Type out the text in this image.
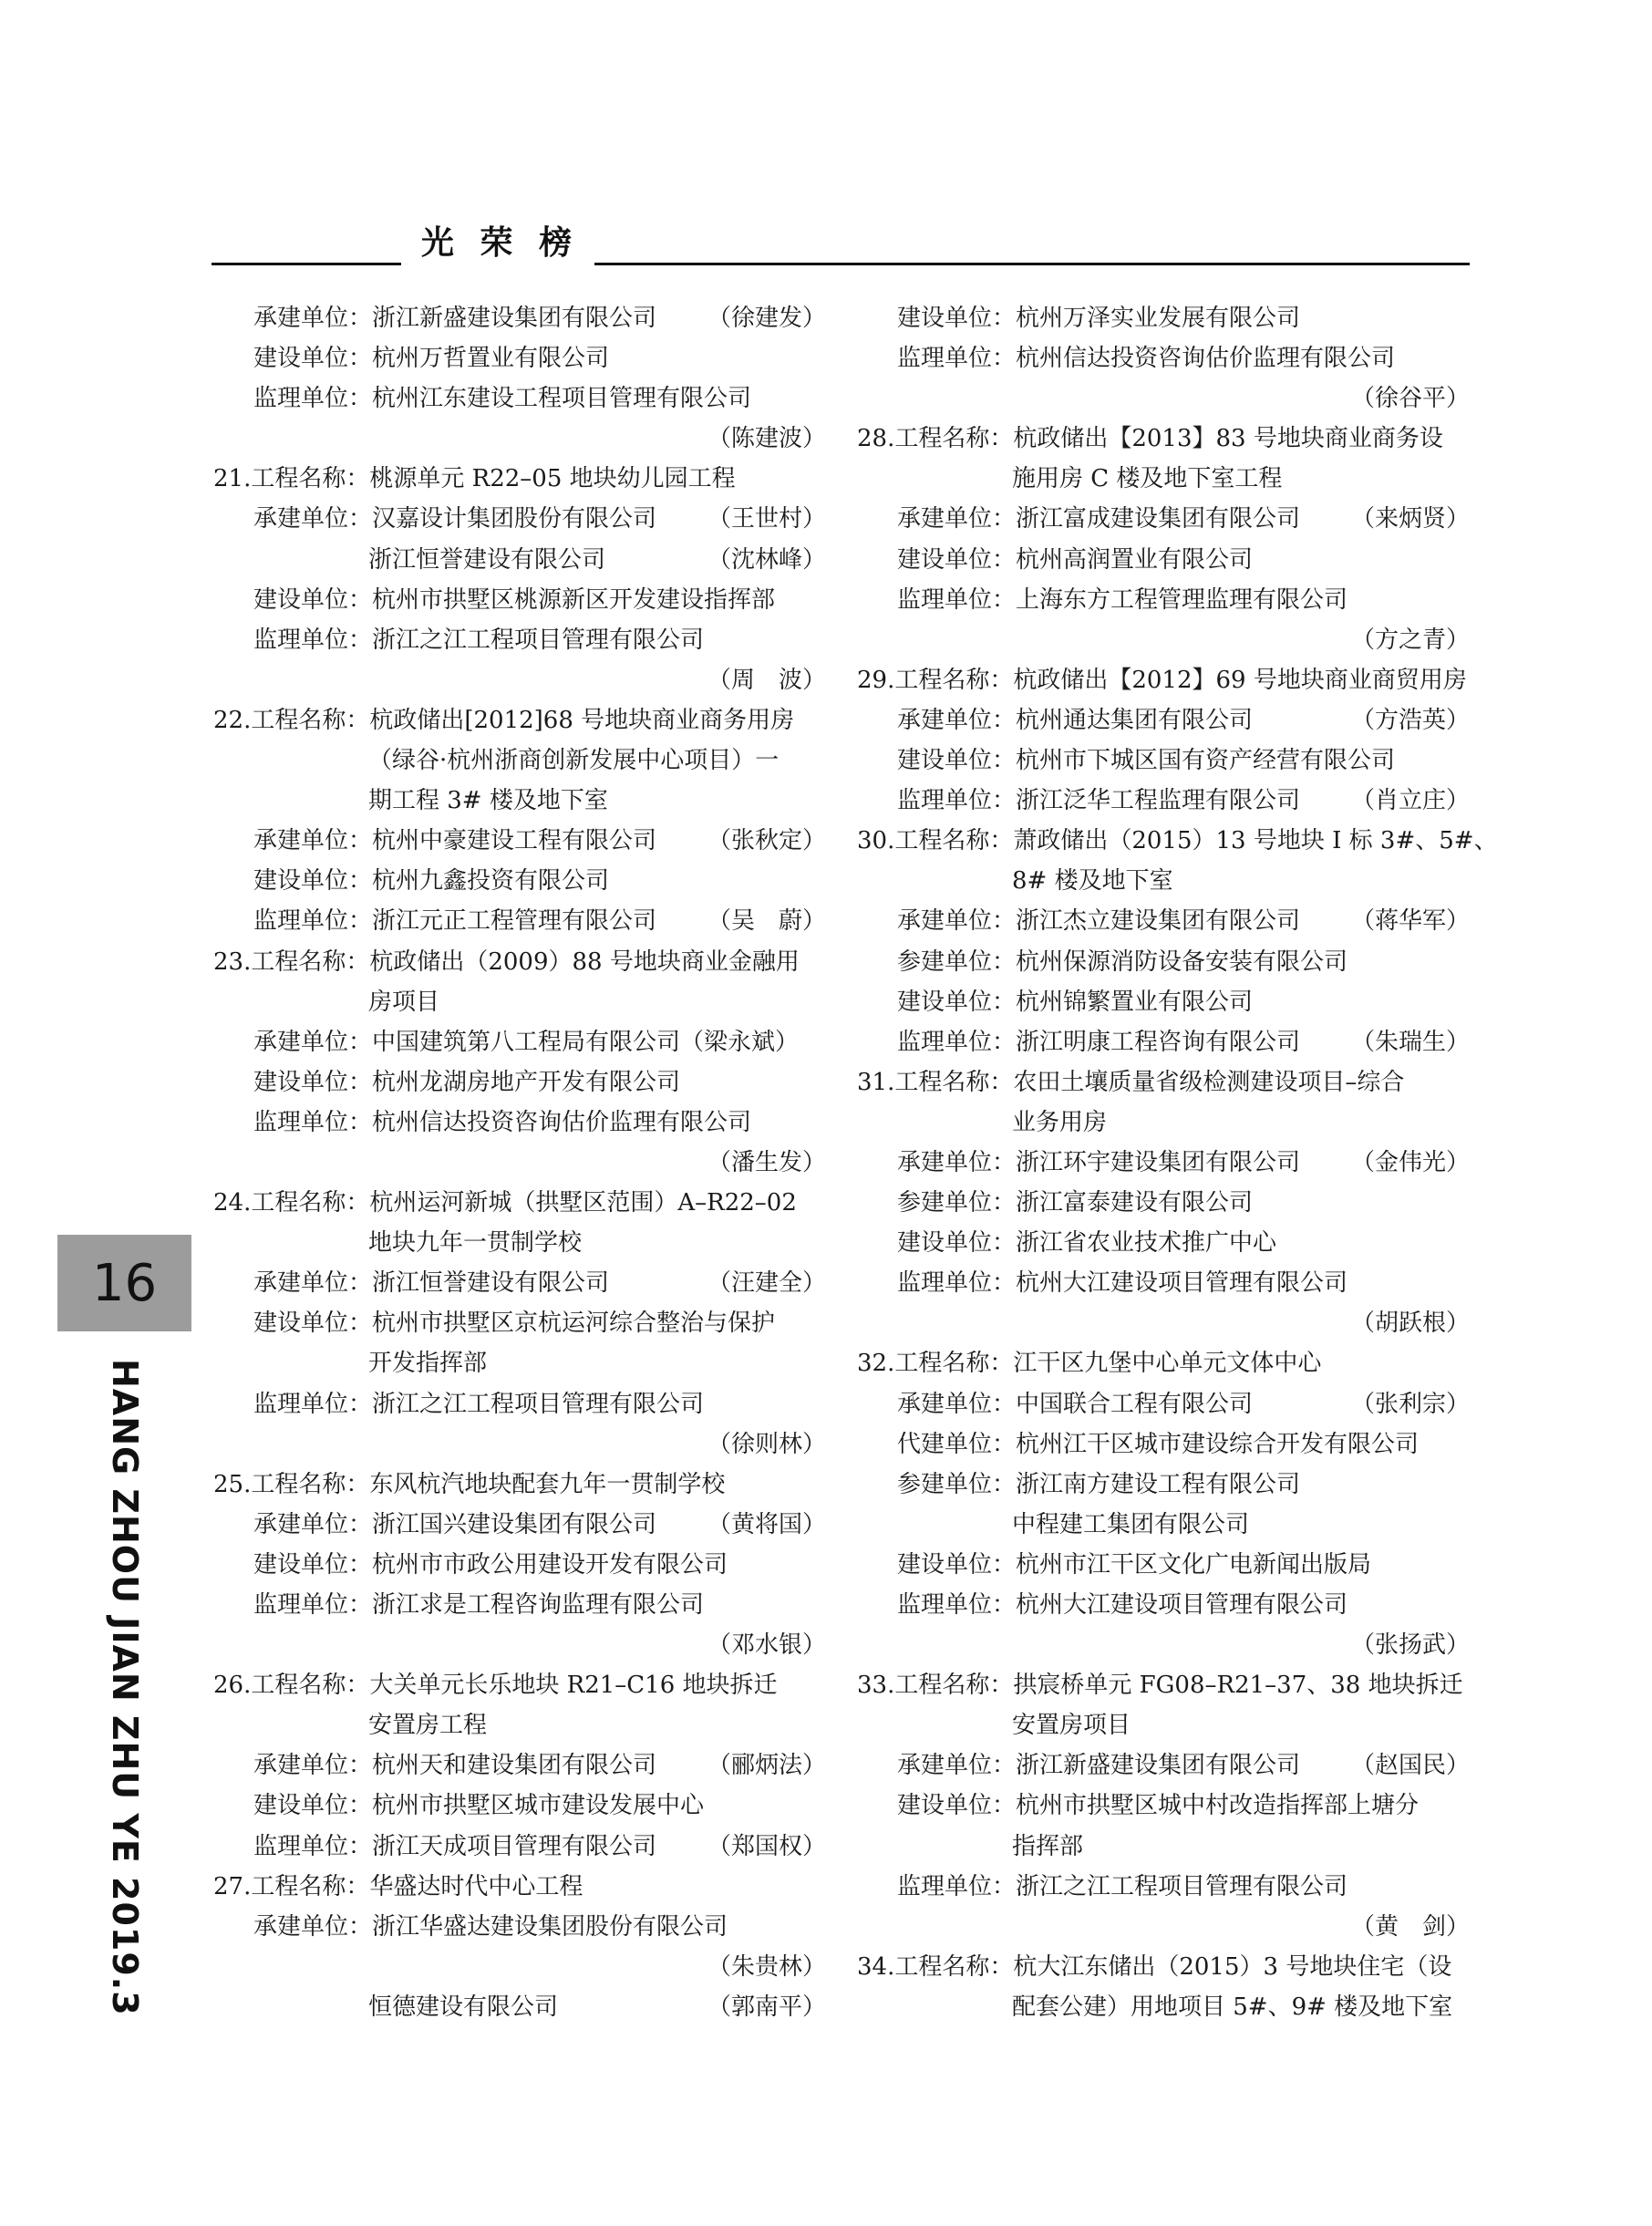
光 荣 榜
16
HANG ZHOU JIAN ZHU YE 2019.3
承建单位：浙江新盛建设集团有限公司 （徐建发）
建设单位：杭州万哲置业有限公司
监理单位：杭州江东建设工程项目管理有限公司
（陈建波）
21.工程名称：桃源单元 R22–05 地块幼儿园工程
承建单位：汉嘉设计集团股份有限公司 （王世村）
浙江恒誉建设有限公司	（沈林峰）
建设单位：杭州市拱墅区桃源新区开发建设指挥部
监理单位：浙江之江工程项目管理有限公司
（周　波）
22.工程名称：杭政储出[2012]68 号地块商业商务用房
（绿谷·杭州浙商创新发展中心项目）一
期工程 3# 楼及地下室
承建单位：杭州中豪建设工程有限公司 （张秋定）
建设单位：杭州九鑫投资有限公司
监理单位：浙江元正工程管理有限公司 （吴　蔚）
23.工程名称：杭政储出（2009）88 号地块商业金融用
房项目
承建单位：中国建筑第八工程局有限公司（梁永斌）
建设单位：杭州龙湖房地产开发有限公司
监理单位：杭州信达投资咨询估价监理有限公司
（潘生发）
24.工程名称：杭州运河新城（拱墅区范围）A–R22–02
地块九年一贯制学校
承建单位：浙江恒誉建设有限公司	（汪建全）
建设单位：杭州市拱墅区京杭运河综合整治与保护
开发指挥部
监理单位：浙江之江工程项目管理有限公司
（徐则林）
25.工程名称：东风杭汽地块配套九年一贯制学校
承建单位：浙江国兴建设集团有限公司 （黄将国）
建设单位：杭州市市政公用建设开发有限公司
监理单位：浙江求是工程咨询监理有限公司
（邓水银）
26.工程名称：大关单元长乐地块 R21–C16 地块拆迁
安置房工程
承建单位：杭州天和建设集团有限公司 （郦炳法）
建设单位：杭州市拱墅区城市建设发展中心
监理单位：浙江天成项目管理有限公司 （郑国权）
27.工程名称：华盛达时代中心工程
承建单位：浙江华盛达建设集团股份有限公司
（朱贵林）
恒德建设有限公司	（郭南平）
建设单位：杭州万泽实业发展有限公司
监理单位：杭州信达投资咨询估价监理有限公司
（徐谷平）
28.工程名称：杭政储出【2013】83 号地块商业商务设
施用房 C 楼及地下室工程
承建单位：浙江富成建设集团有限公司 （来炳贤）
建设单位：杭州高润置业有限公司
监理单位：上海东方工程管理监理有限公司
（方之青）
29.工程名称：杭政储出【2012】69 号地块商业商贸用房
承建单位：杭州通达集团有限公司	（方浩英）
建设单位：杭州市下城区国有资产经营有限公司
监理单位：浙江泛华工程监理有限公司 （肖立庄）
30.工程名称：萧政储出（2015）13 号地块 I 标 3#、5#、
8# 楼及地下室
承建单位：浙江杰立建设集团有限公司 （蒋华军）
参建单位：杭州保源消防设备安装有限公司
建设单位：杭州锦繁置业有限公司
监理单位：浙江明康工程咨询有限公司 （朱瑞生）
31.工程名称：农田土壤质量省级检测建设项目–综合
业务用房
承建单位：浙江环宇建设集团有限公司 （金伟光）
参建单位：浙江富泰建设有限公司
建设单位：浙江省农业技术推广中心
监理单位：杭州大江建设项目管理有限公司
（胡跃根）
32.工程名称：江干区九堡中心单元文体中心
承建单位：中国联合工程有限公司	（张利宗）
代建单位：杭州江干区城市建设综合开发有限公司
参建单位：浙江南方建设工程有限公司
中程建工集团有限公司
建设单位：杭州市江干区文化广电新闻出版局
监理单位：杭州大江建设项目管理有限公司
（张扬武）
33.工程名称：拱宸桥单元 FG08–R21–37、38 地块拆迁
安置房项目
承建单位：浙江新盛建设集团有限公司 （赵国民）
建设单位：杭州市拱墅区城中村改造指挥部上塘分
指挥部
监理单位：浙江之江工程项目管理有限公司
（黄　剑）
34.工程名称：杭大江东储出（2015）3 号地块住宅（设
配套公建）用地项目 5#、9# 楼及地下室
